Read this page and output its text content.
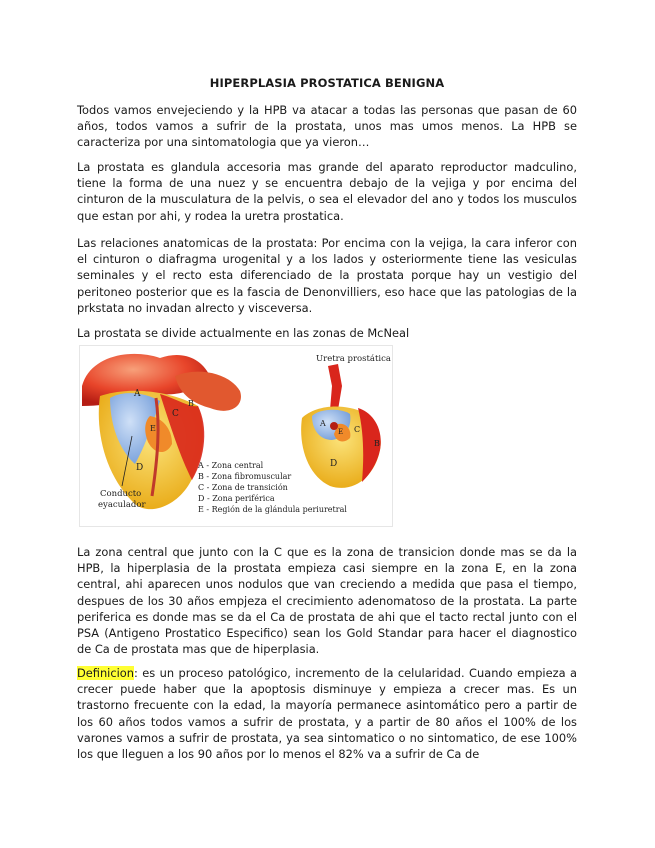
HIPERPLASIA PROSTATICA BENIGNA

Todos vamos envejeciendo y la HPB va atacar a todas las personas que pasan de 60 años, todos vamos a sufrir de la prostata, unos mas umos menos. La HPB se caracteriza por una sintomatologia que ya vieron…

La prostata es glandula accesoria mas grande del aparato reproductor madculino, tiene la forma de una nuez y se encuentra debajo de la vejiga y por encima del cinturon de la musculatura de la pelvis, o sea el elevador del ano y todos los musculos que estan por ahi, y rodea la uretra prostatica.

Las relaciones anatomicas de la prostata: Por encima con la vejiga, la cara inferor con el cinturon o diafragma urogenital y a los lados y osteriormente tiene las vesiculas seminales y el recto esta diferenciado de la prostata porque hay un vestigio del peritoneo posterior que es la fascia de Denonvilliers, eso hace que las patologias de la prkstata no invadan alrecto y visceversa.

La prostata se divide actualmente en las zonas de McNeal

A
B
C
E
D
Conducto
eyaculador
A - Zona central
B - Zona fibromuscular
C - Zona de transición
D - Zona periférica
E - Región de la glándula periuretral
Uretra prostática
A
B
C
E
D

La zona central que junto con la C que es la zona de transicion donde mas se da la HPB, la hiperplasia de la prostata empieza casi siempre en la zona E, en la zona central, ahi aparecen unos nodulos que van creciendo a medida que pasa el tiempo, despues de los 30 años empjeza el crecimiento adenomatoso de la prostata. La parte periferica es donde mas se da el Ca de prostata de ahi que el tacto rectal junto con el PSA (Antigeno Prostatico Especifico) sean los Gold Standar para hacer el diagnostico de Ca de prostata mas que de hiperplasia.

Definicion: es un proceso patológico, incremento de la celularidad. Cuando empieza a crecer puede haber que la apoptosis disminuye y empieza a crecer mas. Es un trastorno frecuente con la edad, la mayoría permanece asintomático pero a partir de los 60 años todos vamos a sufrir de prostata, y a partir de 80 años el 100% de los varones vamos a sufrir de prostata, ya sea sintomatico o no sintomatico, de ese 100% los que lleguen a los 90 años por lo menos el 82% va a sufrir de Ca de
